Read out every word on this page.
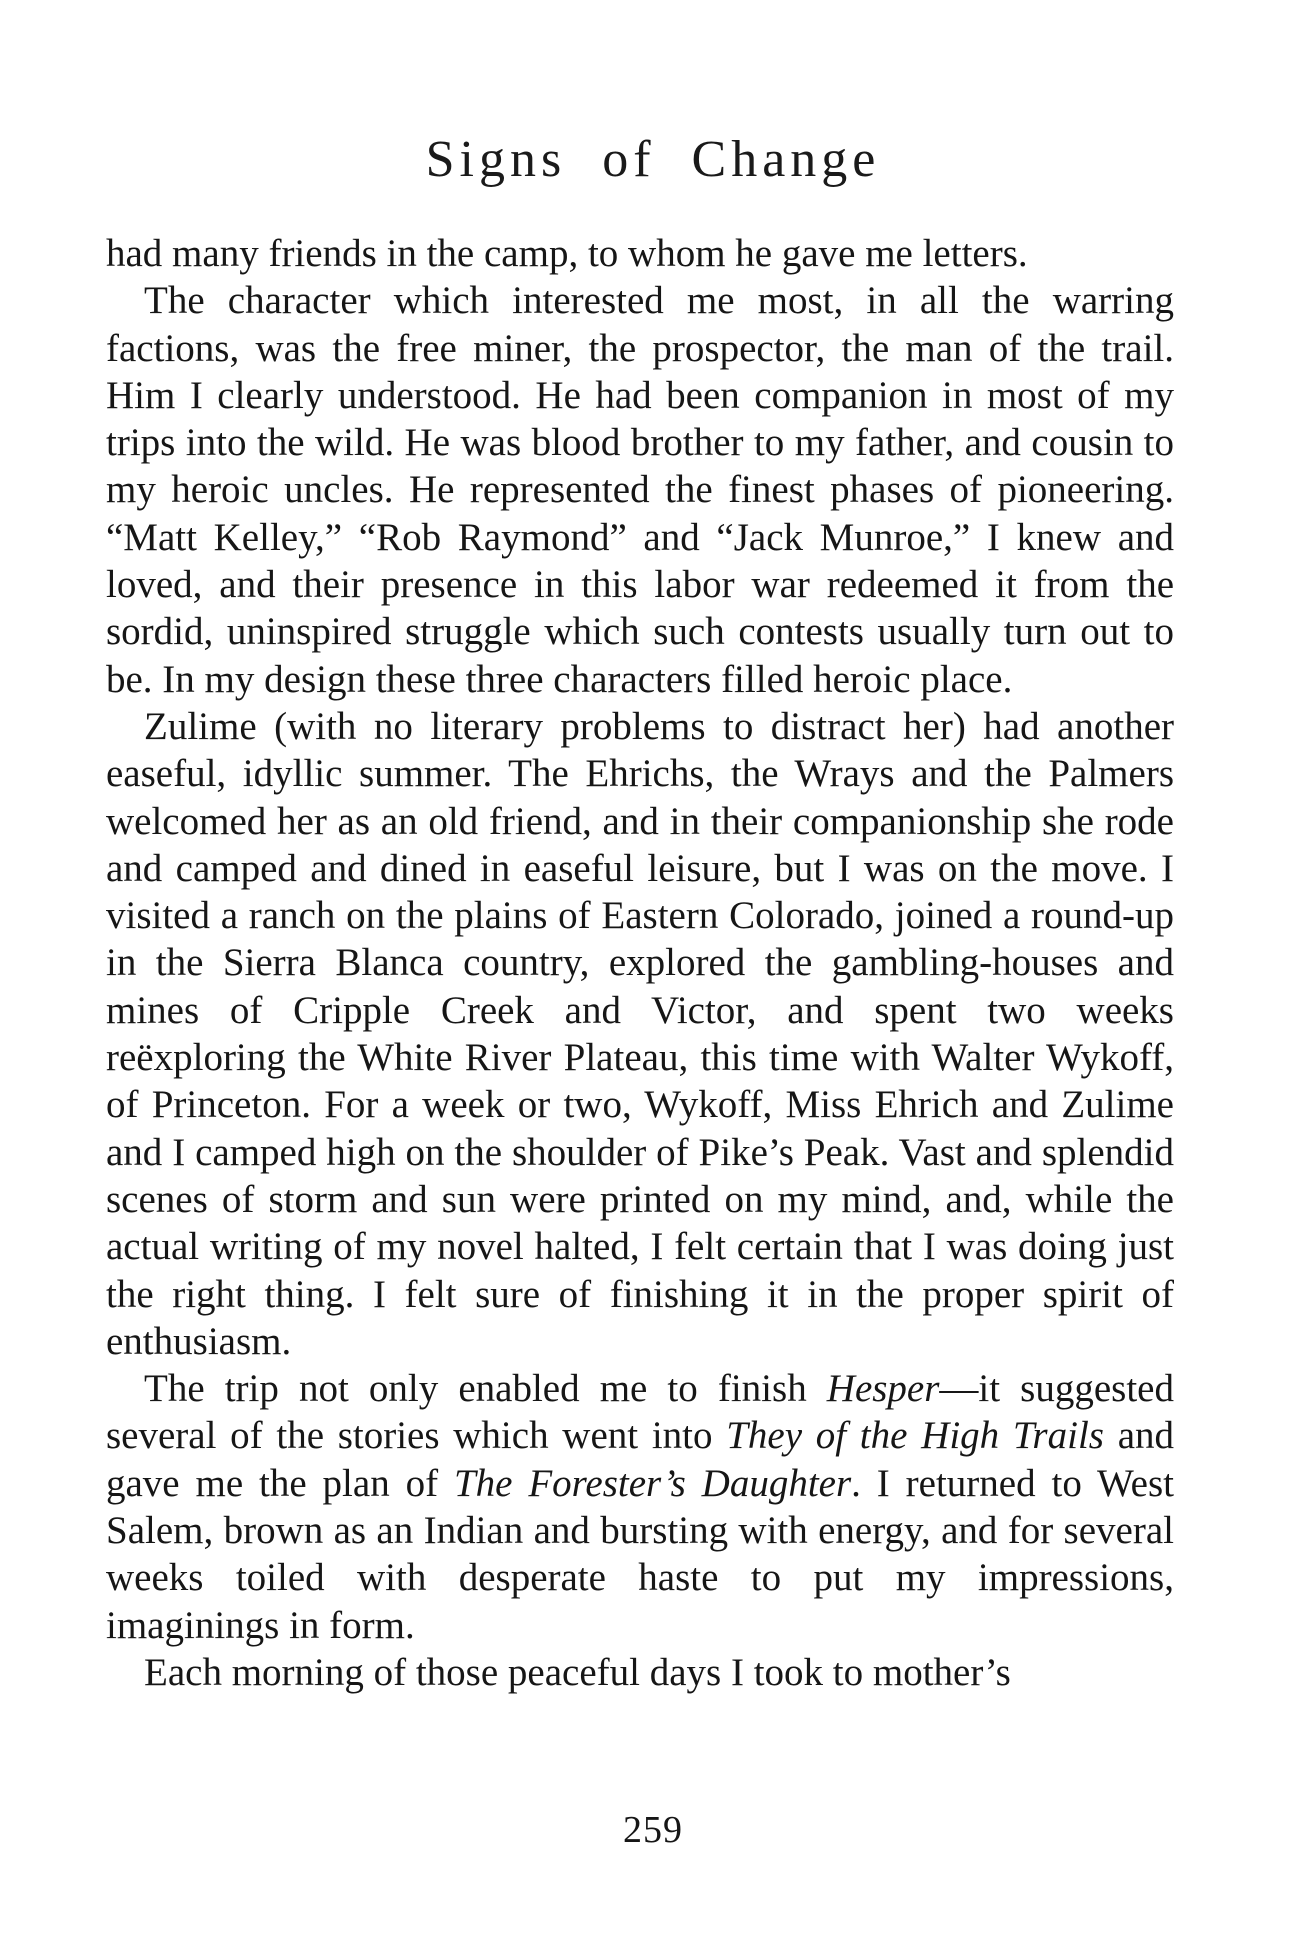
Signs of Change

had many friends in the camp, to whom he gave me letters.

The character which interested me most, in all the warring factions, was the free miner, the prospector, the man of the trail. Him I clearly understood. He had been companion in most of my trips into the wild. He was blood brother to my father, and cousin to my heroic uncles. He represented the finest phases of pioneering. “Matt Kelley,” “Rob Raymond” and “Jack Munroe,” I knew and loved, and their presence in this labor war redeemed it from the sordid, uninspired struggle which such contests usually turn out to be. In my design these three characters filled heroic place.

Zulime (with no literary problems to distract her) had another easeful, idyllic summer. The Ehrichs, the Wrays and the Palmers welcomed her as an old friend, and in their companionship she rode and camped and dined in easeful leisure, but I was on the move. I visited a ranch on the plains of Eastern Colorado, joined a round-up in the Sierra Blanca country, explored the gambling-houses and mines of Cripple Creek and Victor, and spent two weeks reëxploring the White River Plateau, this time with Walter Wykoff, of Princeton. For a week or two, Wykoff, Miss Ehrich and Zulime and I camped high on the shoulder of Pike’s Peak. Vast and splendid scenes of storm and sun were printed on my mind, and, while the actual writing of my novel halted, I felt certain that I was doing just the right thing. I felt sure of finishing it in the proper spirit of enthusiasm.

The trip not only enabled me to finish Hesper—it suggested several of the stories which went into They of the High Trails and gave me the plan of The Forester’s Daughter. I returned to West Salem, brown as an Indian and bursting with energy, and for several weeks toiled with desperate haste to put my impressions, imaginings in form.

Each morning of those peaceful days I took to mother’s

259
